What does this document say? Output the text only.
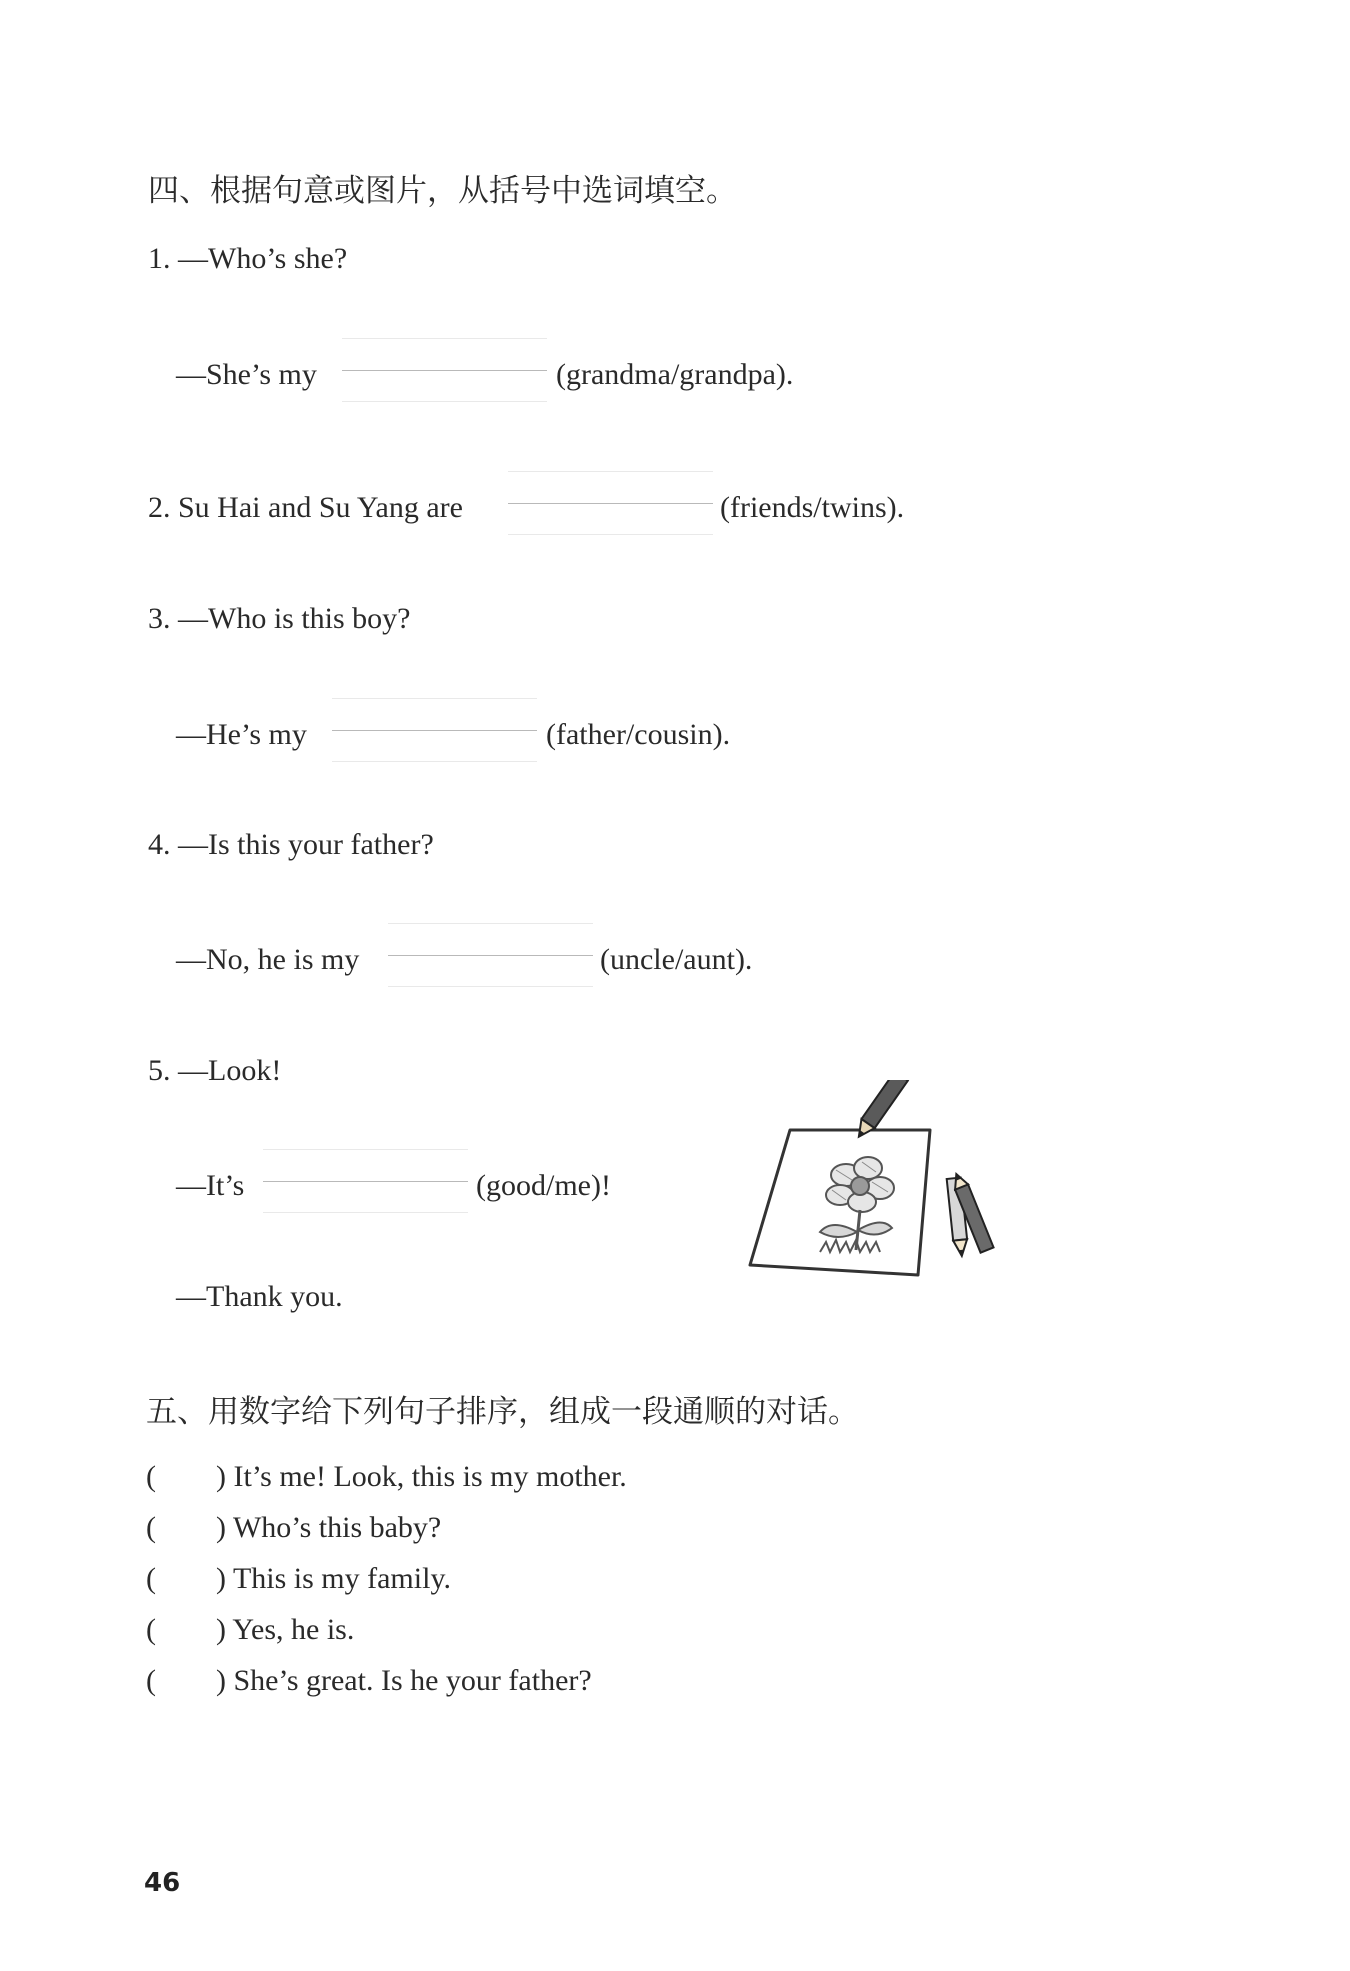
四、根据句意或图片，从括号中选词填空。
1. —Who’s she?
—She’s my	(grandma/grandpa).
2. Su Hai and Su Yang are	(friends/twins).
3. —Who is this boy?
—He’s my	(father/cousin).
4. —Is this your father?
—No, he is my	(uncle/aunt).
5. —Look!
—It’s	(good/me)!
—Thank you.
五、用数字给下列句子排序，组成一段通顺的对话。
( ) It’s me! Look, this is my mother.
( ) Who’s this baby?
( ) This is my family.
( ) Yes, he is.
( ) She’s great. Is he your father?
46
